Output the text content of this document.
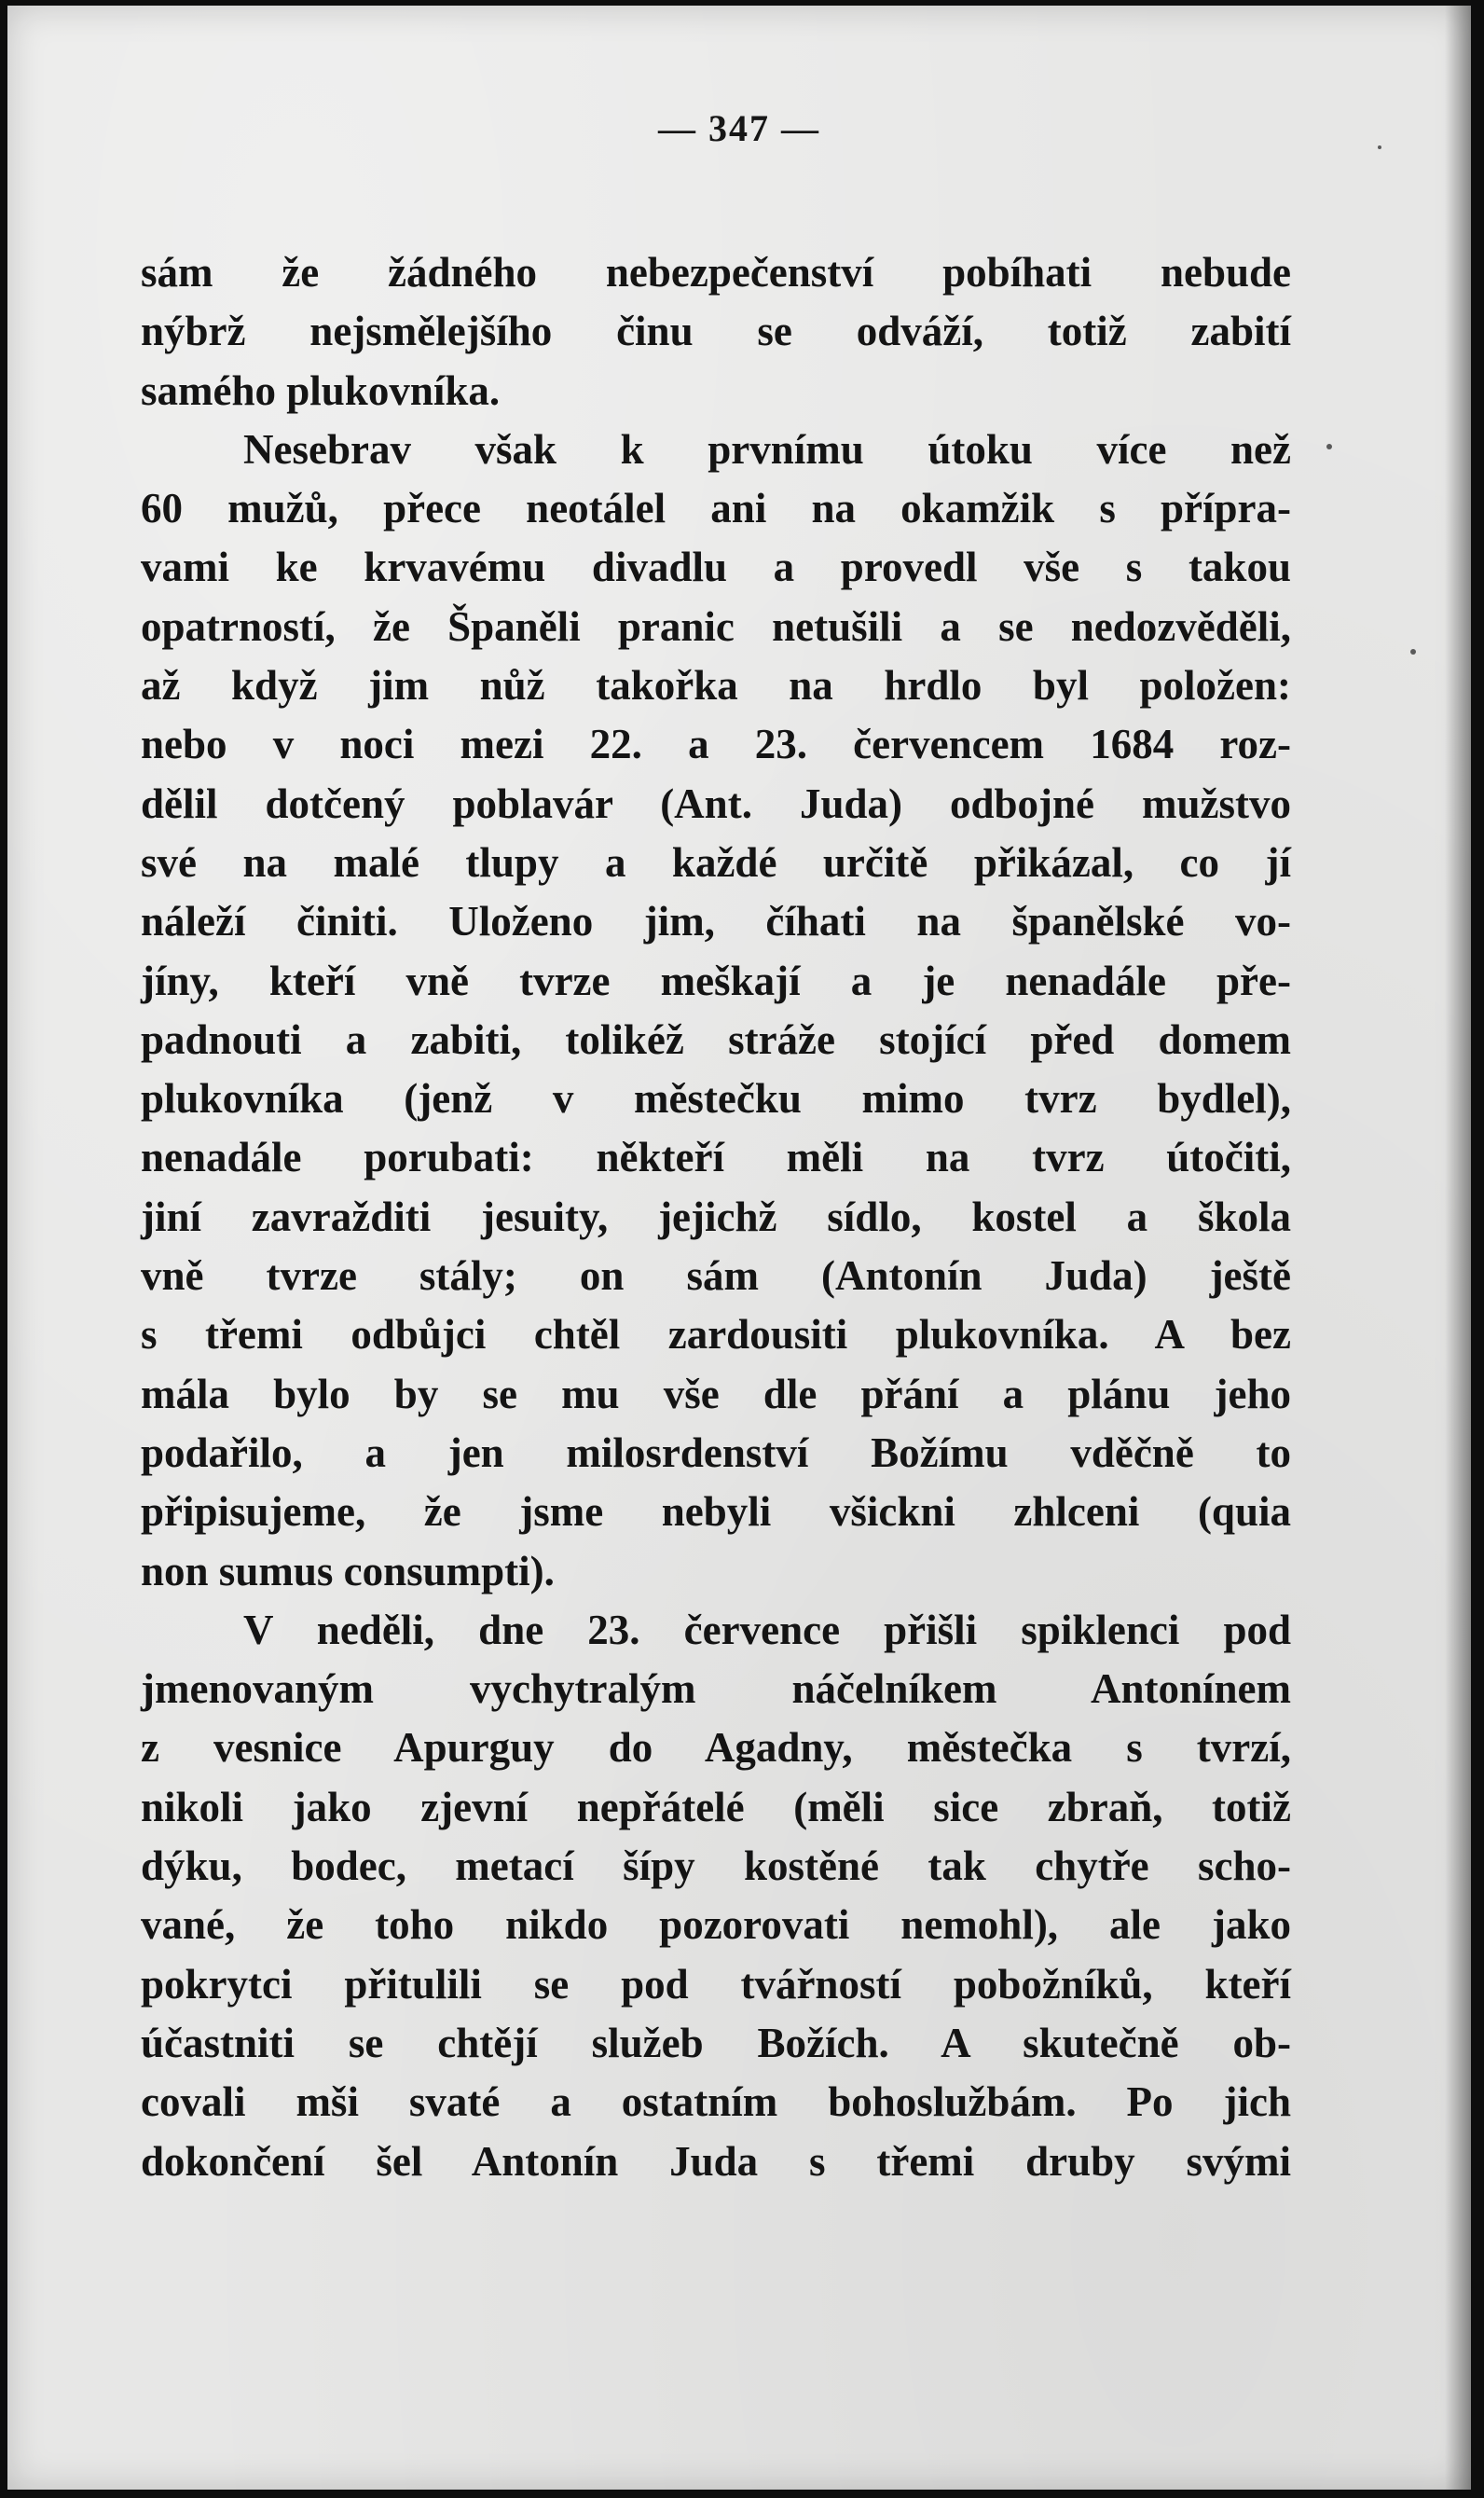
— 347 —
sám že žádného nebezpečenství pobíhati nebude
nýbrž nejsmělejšího činu se odváží, totiž zabití
samého plukovníka.
Nesebrav však k prvnímu útoku více než
60 mužů, přece neotálel ani na okamžik s přípra-
vami ke krvavému divadlu a provedl vše s takou
opatrností, že Španěli pranic netušili a se nedozvěděli,
až když jim nůž takořka na hrdlo byl položen:
nebo v noci mezi 22. a 23. červencem 1684 roz-
dělil dotčený poblavár (Ant. Juda) odbojné mužstvo
své na malé tlupy a každé určitě přikázal, co jí
náleží činiti. Uloženo jim, číhati na španělské vo-
jíny, kteří vně tvrze meškají a je nenadále pře-
padnouti a zabiti, tolikéž stráže stojící před domem
plukovníka (jenž v městečku mimo tvrz bydlel),
nenadále porubati: někteří měli na tvrz útočiti,
jiní zavražditi jesuity, jejichž sídlo, kostel a škola
vně tvrze stály; on sám (Antonín Juda) ještě
s třemi odbůjci chtěl zardousiti plukovníka. A bez
mála bylo by se mu vše dle přání a plánu jeho
podařilo, a jen milosrdenství Božímu vděčně to
připisujeme, že jsme nebyli všickni zhlceni (quia
non sumus consumpti).
V neděli, dne 23. července přišli spiklenci pod
jmenovaným vychytralým náčelníkem Antonínem
z vesnice Apurguy do Agadny, městečka s tvrzí,
nikoli jako zjevní nepřátelé (měli sice zbraň, totiž
dýku, bodec, metací šípy kostěné tak chytře scho-
vané, že toho nikdo pozorovati nemohl), ale jako
pokrytci přitulili se pod tvářností pobožníků, kteří
účastniti se chtějí služeb Božích. A skutečně ob-
covali mši svaté a ostatním bohoslužbám. Po jich
dokončení šel Antonín Juda s třemi druby svými
